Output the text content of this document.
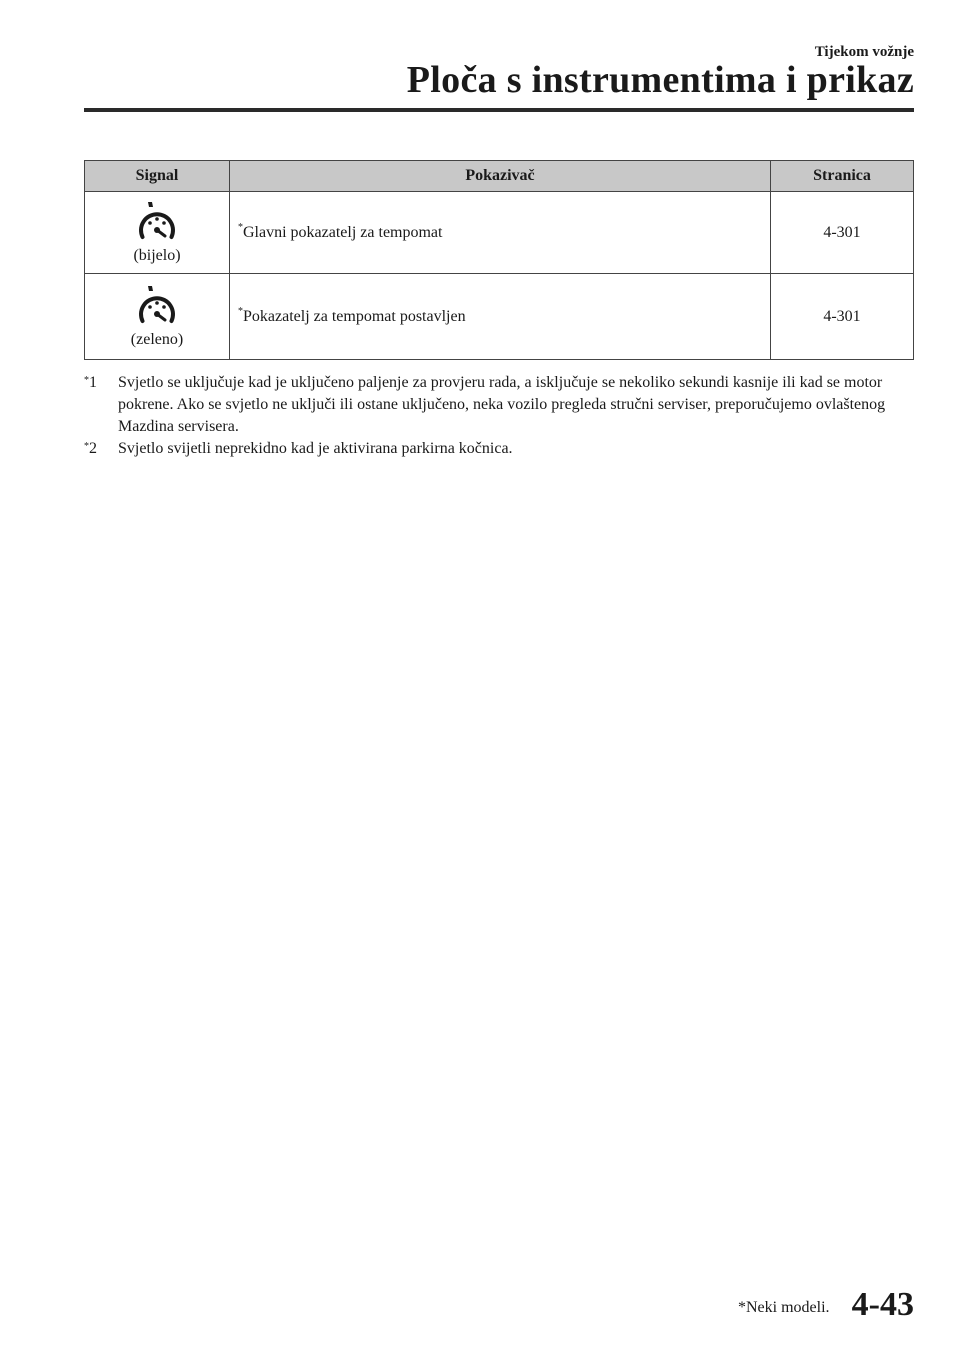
Tijekom vožnje
Ploča s instrumentima i prikaz
Signal	Pokazivač	Stranica

(bijelo)	*Glavni pokazatelj za tempomat	4-301

(zeleno)	*Pokazatelj za tempomat postavljen	4-301
*1	Svjetlo se uključuje kad je uključeno paljenje za provjeru rada, a isključuje se nekoliko sekundi kasnije ili kad se motor pokrene. Ako se svjetlo ne uključi ili ostane uključeno, neka vozilo pregleda stručni serviser, preporučujemo ovlaštenog Mazdina servisera.
*2	Svjetlo svijetli neprekidno kad je aktivirana parkirna kočnica.
*Neki modeli. 4-43
